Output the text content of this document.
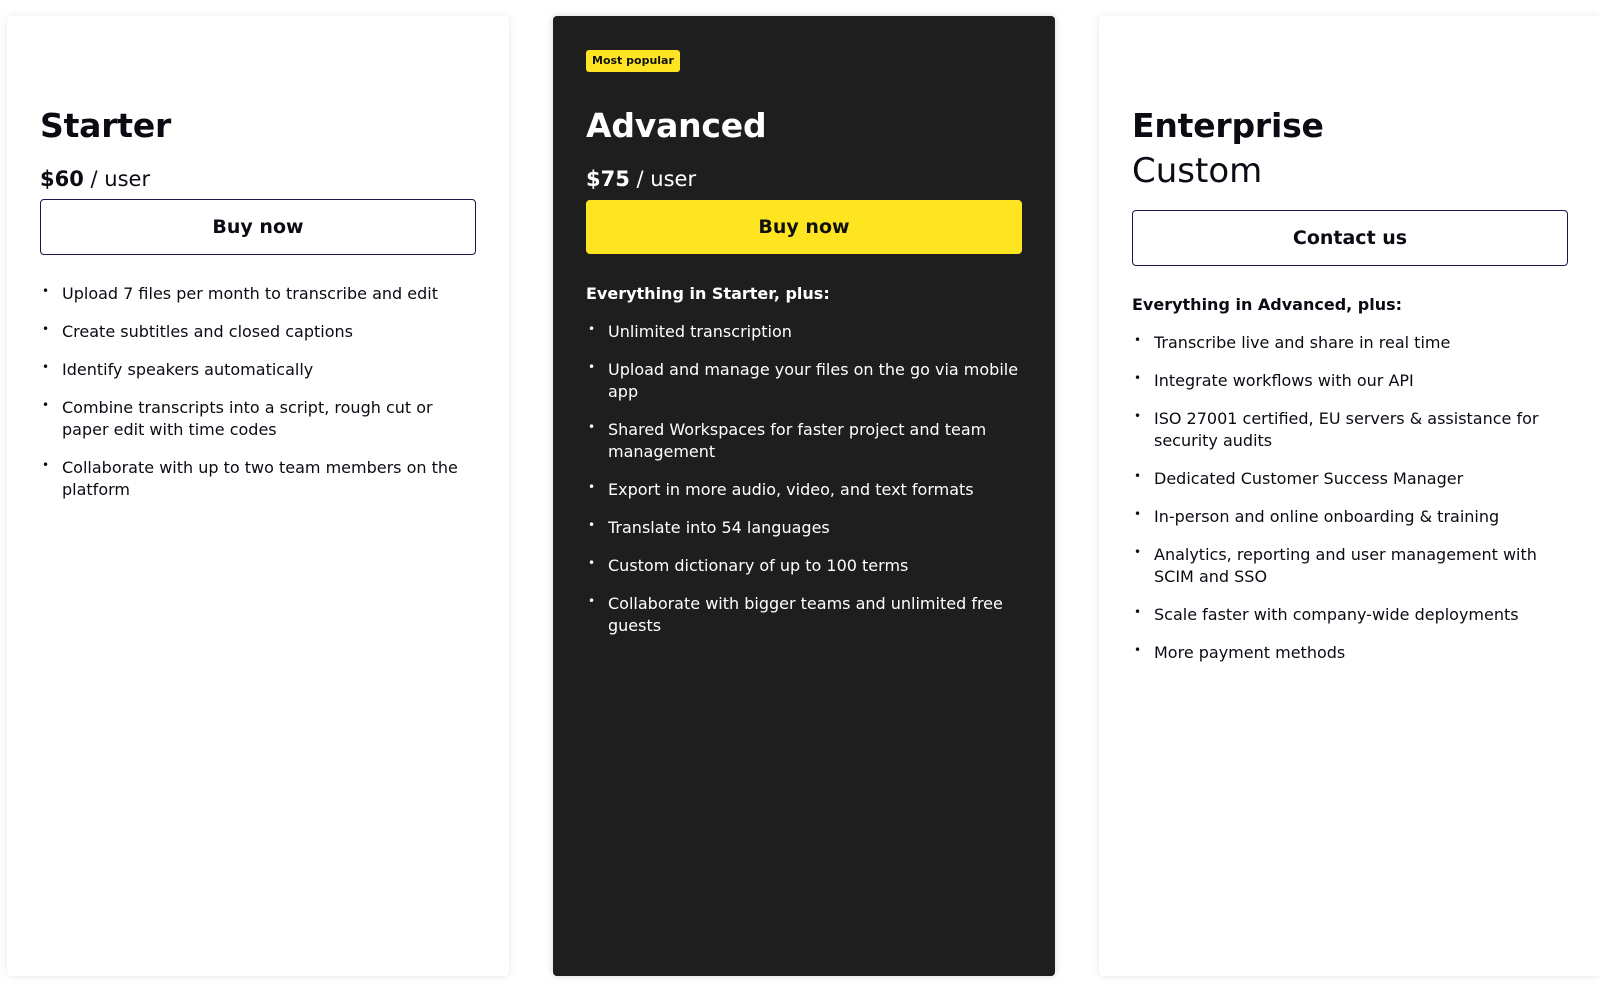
Starter
$60 / user
Buy now
• Upload 7 files per month to transcribe and edit
• Create subtitles and closed captions
• Identify speakers automatically
• Combine transcripts into a script, rough cut or paper edit with time codes
• Collaborate with up to two team members on the platform
Most popular
Advanced
$75 / user
Buy now
Everything in Starter, plus:
• Unlimited transcription
• Upload and manage your files on the go via mobile app
• Shared Workspaces for faster project and team management
• Export in more audio, video, and text formats
• Translate into 54 languages
• Custom dictionary of up to 100 terms
• Collaborate with bigger teams and unlimited free guests
Enterprise
Custom
Contact us
Everything in Advanced, plus:
• Transcribe live and share in real time
• Integrate workflows with our API
• ISO 27001 certified, EU servers & assistance for security audits
• Dedicated Customer Success Manager
• In-person and online onboarding & training
• Analytics, reporting and user management with SCIM and SSO
• Scale faster with company-wide deployments
• More payment methods
